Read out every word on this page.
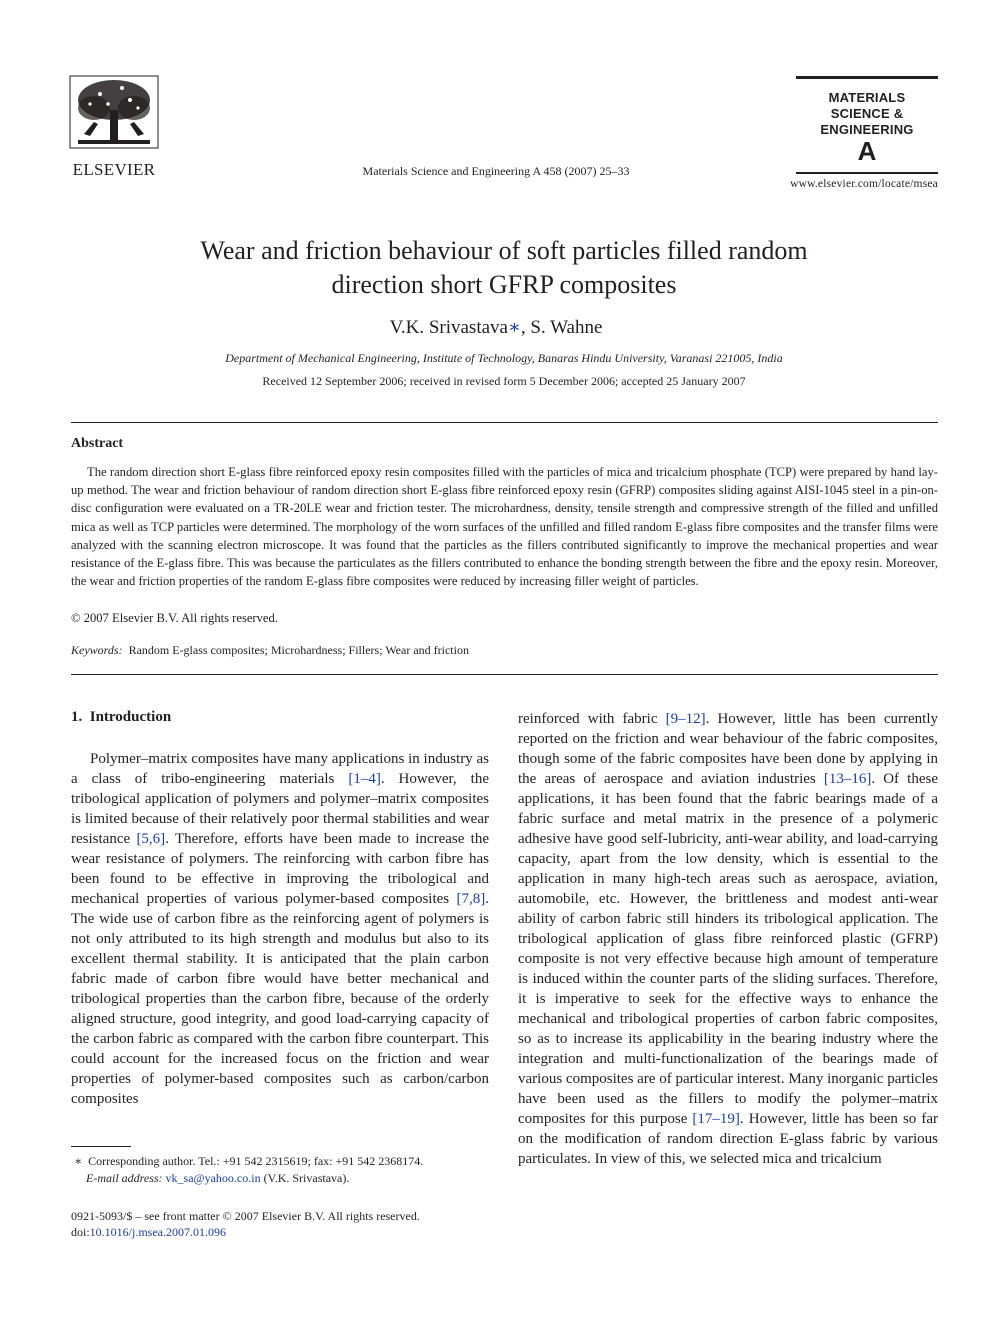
ELSEVIER	Materials Science and Engineering A 458 (2007) 25–33
MATERIALS
SCIENCE &
ENGINEERING
A
www.elsevier.com/locate/msea
Wear and friction behaviour of soft particles filled random
direction short GFRP composites
V.K. Srivastava∗, S. Wahne
Department of Mechanical Engineering, Institute of Technology, Banaras Hindu University, Varanasi 221005, India
Received 12 September 2006; received in revised form 5 December 2006; accepted 25 January 2007
Abstract

The random direction short E-glass fibre reinforced epoxy resin composites filled with the particles of mica and tricalcium phosphate (TCP) were prepared by hand lay-up method. The wear and friction behaviour of random direction short E-glass fibre reinforced epoxy resin (GFRP) composites sliding against AISI-1045 steel in a pin-on-disc configuration were evaluated on a TR-20LE wear and friction tester. The microhardness, density, tensile strength and compressive strength of the filled and unfilled mica as well as TCP particles were determined. The morphology of the worn surfaces of the unfilled and filled random E-glass fibre composites and the transfer films were analyzed with the scanning electron microscope. It was found that the particles as the fillers contributed significantly to improve the mechanical properties and wear resistance of the E-glass fibre. This was because the particulates as the fillers contributed to enhance the bonding strength between the fibre and the epoxy resin. Moreover, the wear and friction properties of the random E-glass fibre composites were reduced by increasing filler weight of particles.

© 2007 Elsevier B.V. All rights reserved.
Keywords: Random E-glass composites; Microhardness; Fillers; Wear and friction
1. Introduction

Polymer–matrix composites have many applications in industry as a class of tribo-engineering materials [1–4]. However, the tribological application of polymers and polymer–matrix composites is limited because of their relatively poor thermal stabilities and wear resistance [5,6]. Therefore, efforts have been made to increase the wear resistance of polymers. The reinforcing with carbon fibre has been found to be effective in improving the tribological and mechanical properties of various polymer-based composites [7,8]. The wide use of carbon fibre as the reinforcing agent of polymers is not only attributed to its high strength and modulus but also to its excellent thermal stability. It is anticipated that the plain carbon fabric made of carbon fibre would have better mechanical and tribological properties than the carbon fibre, because of the orderly aligned structure, good integrity, and good load-carrying capacity of the carbon fabric as compared with the carbon fibre counterpart. This could account for the increased focus on the friction and wear properties of polymer-based composites such as carbon/carbon composites

reinforced with fabric [9–12]. However, little has been currently reported on the friction and wear behaviour of the fabric composites, though some of the fabric composites have been done by applying in the areas of aerospace and aviation industries [13–16]. Of these applications, it has been found that the fabric bearings made of a fabric surface and metal matrix in the presence of a polymeric adhesive have good self-lubricity, anti-wear ability, and load-carrying capacity, apart from the low density, which is essential to the application in many high-tech areas such as aerospace, aviation, automobile, etc. However, the brittleness and modest anti-wear ability of carbon fabric still hinders its tribological application. The tribological application of glass fibre reinforced plastic (GFRP) composite is not very effective because high amount of temperature is induced within the counter parts of the sliding surfaces. Therefore, it is imperative to seek for the effective ways to enhance the mechanical and tribological properties of carbon fabric composites, so as to increase its applicability in the bearing industry where the integration and multi-functionalization of the bearings made of various composites are of particular interest. Many inorganic particles have been used as the fillers to modify the polymer–matrix composites for this purpose [17–19]. However, little has been so far on the modification of random direction E-glass fabric by various particulates. In view of this, we selected mica and tricalcium

∗ Corresponding author. Tel.: +91 542 2315619; fax: +91 542 2368174.
E-mail address: vk_sa@yahoo.co.in (V.K. Srivastava).
0921-5093/$ – see front matter © 2007 Elsevier B.V. All rights reserved.
doi:10.1016/j.msea.2007.01.096
